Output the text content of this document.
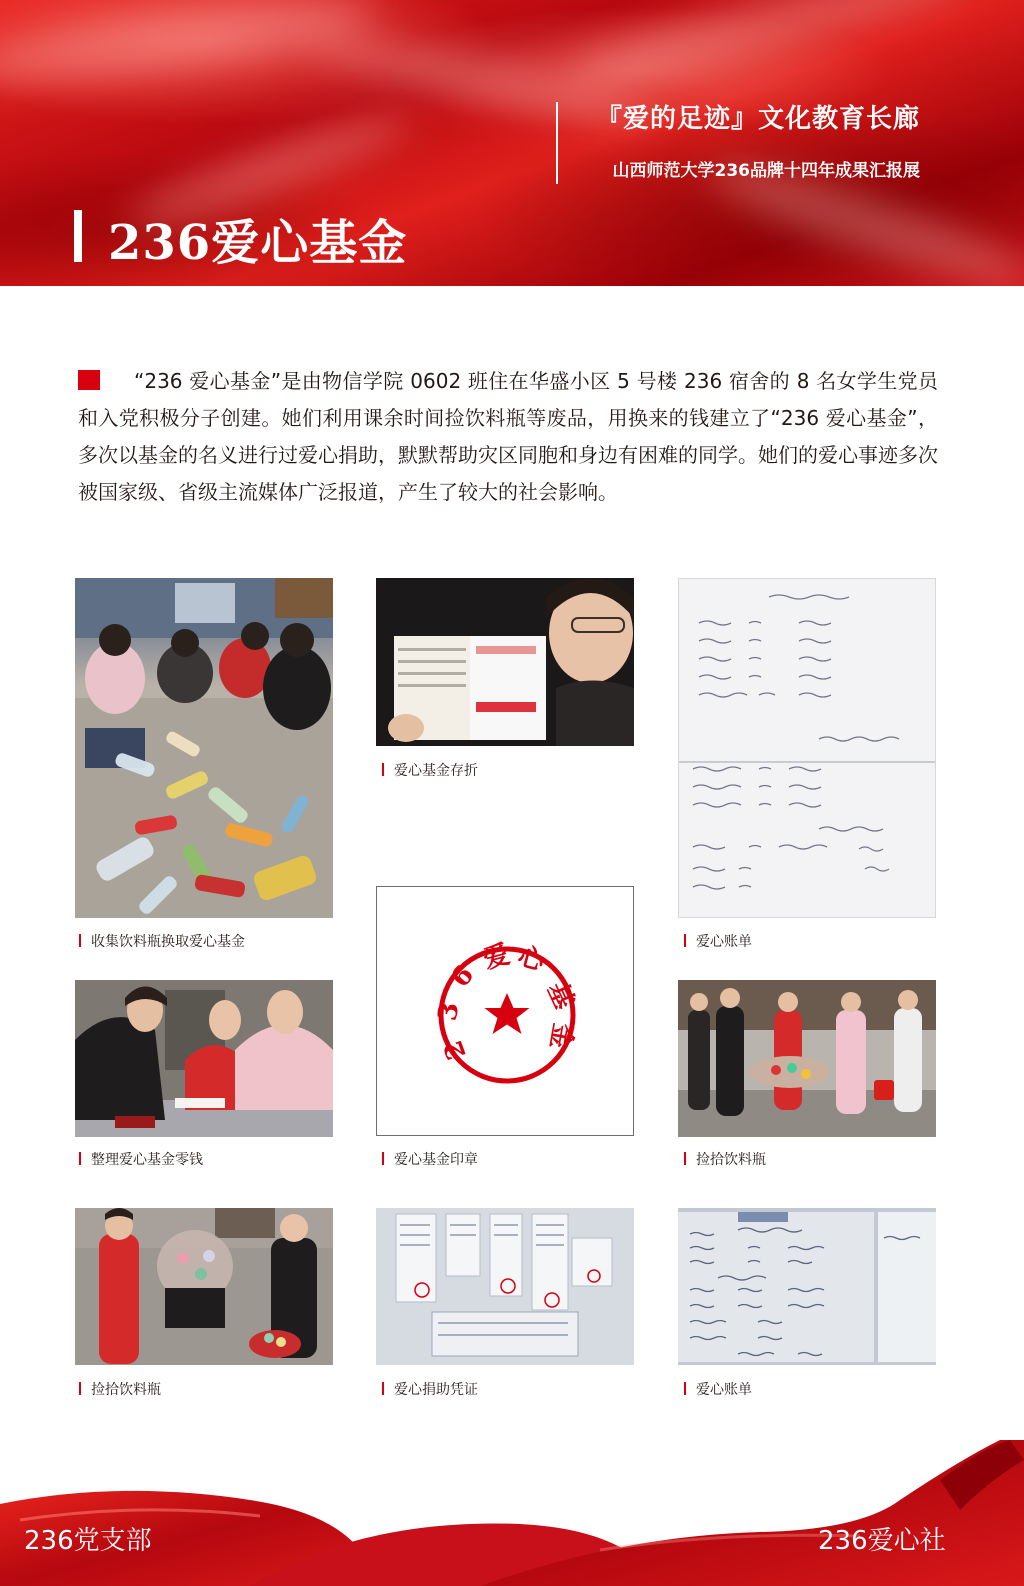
『爱的足迹』文化教育长廊
山西师范大学236品牌十四年成果汇报展
236爱心基金

“236 爱心基金”是由物信学院 0602 班住在华盛小区 5 号楼 236 宿舍的 8 名女学生党员和入党积极分子创建。她们利用课余时间捡饮料瓶等废品，用换来的钱建立了“236 爱心基金”，多次以基金的名义进行过爱心捐助，默默帮助灾区同胞和身边有困难的同学。她们的爱心事迹多次被国家级、省级主流媒体广泛报道，产生了较大的社会影响。

收集饮料瓶换取爱心基金
爱心基金存折
爱心账单
整理爱心基金零钱
2
3
6
爱 心
基
金
爱心基金印章	捡拾饮料瓶
捡拾饮料瓶	爱心捐助凭证	爱心账单
236党支部	236爱心社
